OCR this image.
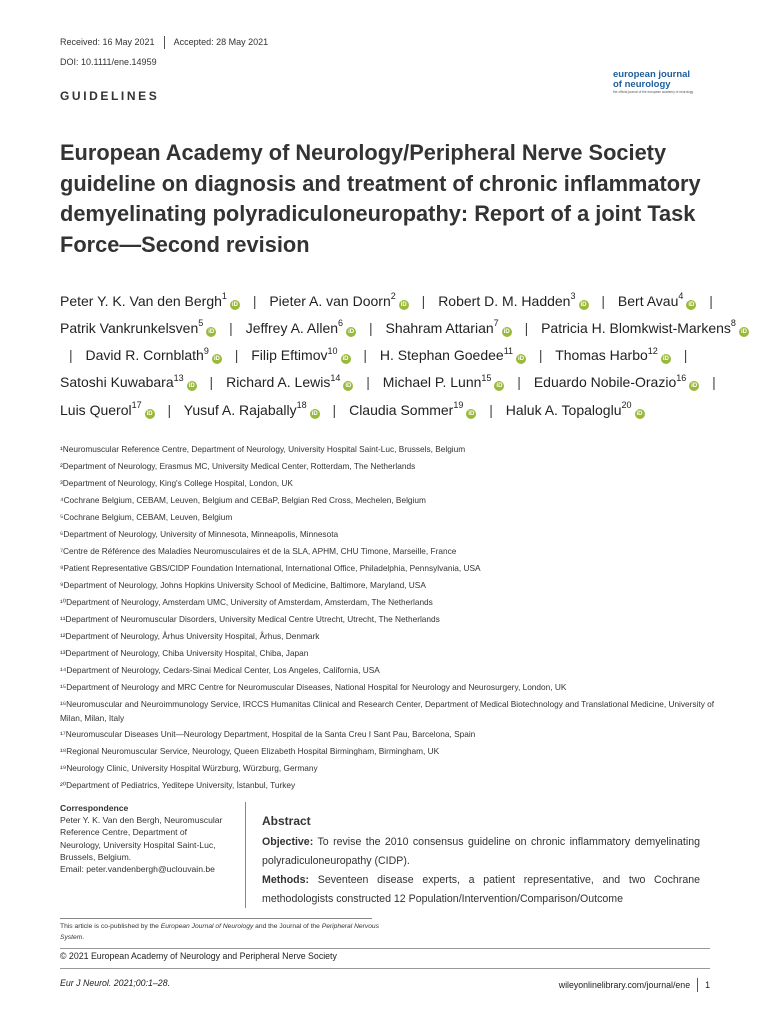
Received: 16 May 2021 Accepted: 28 May 2021
DOI: 10.1111/ene.14959
GUIDELINES
european journal
of neurology
the official journal of the european academy of neurology
European Academy of Neurology/Peripheral Nerve Society guideline on diagnosis and treatment of chronic inflammatory demyelinating polyradiculoneuropathy: Report of a joint Task Force—Second revision
Peter Y. K. Van den Bergh$^1$iD | Pieter A. van Doorn$^2$iD | Robert D. M. Hadden$^3$iD | Bert Avau$^4$iD | Patrik Vankrunkelsven$^5$iD | Jeffrey A. Allen$^6$iD | Shahram Attarian$^7$iD | Patricia H. Blomkwist-Markens$^8$iD | David R. Cornblath$^9$iD | Filip Eftimov$^{10}$iD | H. Stephan Goedee$^{11}$iD | Thomas Harbo$^{12}$iD | Satoshi Kuwabara$^{13}$iD | Richard A. Lewis$^{14}$iD | Michael P. Lunn$^{15}$iD | Eduardo Nobile-Orazio$^{16}$iD | Luis Querol$^{17}$iD | Yusuf A. Rajabally$^{18}$iD | Claudia Sommer$^{19}$iD | Haluk A. Topaloglu$^{20}$iD
¹Neuromuscular Reference Centre, Department of Neurology, University Hospital Saint-Luc, Brussels, Belgium
²Department of Neurology, Erasmus MC, University Medical Center, Rotterdam, The Netherlands
³Department of Neurology, King's College Hospital, London, UK
⁴Cochrane Belgium, CEBAM, Leuven, Belgium and CEBaP, Belgian Red Cross, Mechelen, Belgium
⁵Cochrane Belgium, CEBAM, Leuven, Belgium
⁶Department of Neurology, University of Minnesota, Minneapolis, Minnesota
⁷Centre de Référence des Maladies Neuromusculaires et de la SLA, APHM, CHU Timone, Marseille, France
⁸Patient Representative GBS/CIDP Foundation International, International Office, Philadelphia, Pennsylvania, USA
⁹Department of Neurology, Johns Hopkins University School of Medicine, Baltimore, Maryland, USA
¹⁰Department of Neurology, Amsterdam UMC, University of Amsterdam, Amsterdam, The Netherlands
¹¹Department of Neuromuscular Disorders, University Medical Centre Utrecht, Utrecht, The Netherlands
¹²Department of Neurology, Århus University Hospital, Århus, Denmark
¹³Department of Neurology, Chiba University Hospital, Chiba, Japan
¹⁴Department of Neurology, Cedars-Sinai Medical Center, Los Angeles, California, USA
¹⁵Department of Neurology and MRC Centre for Neuromuscular Diseases, National Hospital for Neurology and Neurosurgery, London, UK
¹⁶Neuromuscular and Neuroimmunology Service, IRCCS Humanitas Clinical and Research Center, Department of Medical Biotechnology and Translational Medicine, University of Milan, Milan, Italy
¹⁷Neuromuscular Diseases Unit—Neurology Department, Hospital de la Santa Creu I Sant Pau, Barcelona, Spain
¹⁸Regional Neuromuscular Service, Neurology, Queen Elizabeth Hospital Birmingham, Birmingham, UK
¹⁹Neurology Clinic, University Hospital Würzburg, Würzburg, Germany
²⁰Department of Pediatrics, Yeditepe University, İstanbul, Turkey
Correspondence
Peter Y. K. Van den Bergh, Neuromuscular
Reference Centre, Department of
Neurology, University Hospital Saint-Luc,
Brussels, Belgium.
Email: peter.vandenbergh@uclouvain.be
Abstract

Objective: To revise the 2010 consensus guideline on chronic inflammatory demyelinating polyradiculoneuropathy (CIDP).

Methods: Seventeen disease experts, a patient representative, and two Cochrane methodologists constructed 12 Population/Intervention/Comparison/Outcome

This article is co-published by the European Journal of Neurology and the Journal of the Peripheral Nervous System.
© 2021 European Academy of Neurology and Peripheral Nerve Society
Eur J Neurol. 2021;00:1–28.	wileyonlinelibrary.com/journal/ene 1
